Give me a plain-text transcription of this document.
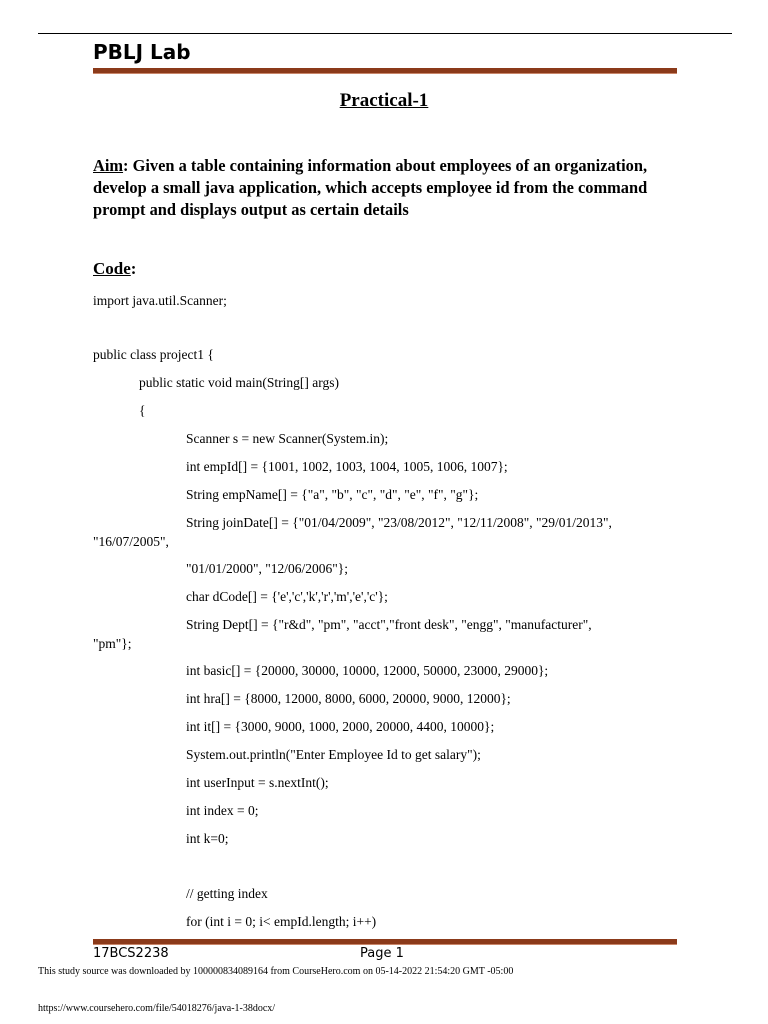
PBLJ Lab
Practical-1
Aim: Given a table containing information about employees of an organization, develop a small java application, which accepts employee id from the command prompt and displays output as certain details
Code:
import java.util.Scanner;
public class project1 {
public static void main(String[] args)
{
Scanner s = new Scanner(System.in);
int empId[] = {1001, 1002, 1003, 1004, 1005, 1006, 1007};
String empName[] = {"a", "b", "c", "d", "e", "f", "g"};
String joinDate[] = {"01/04/2009", "23/08/2012", "12/11/2008", "29/01/2013",
"16/07/2005",
"01/01/2000", "12/06/2006"};
char dCode[] = {'e','c','k','r','m','e','c'};
String Dept[] = {"r&d", "pm", "acct","front desk", "engg", "manufacturer",
"pm"};
int basic[] = {20000, 30000, 10000, 12000, 50000, 23000, 29000};
int hra[] = {8000, 12000, 8000, 6000, 20000, 9000, 12000};
int it[] = {3000, 9000, 1000, 2000, 20000, 4400, 10000};
System.out.println("Enter Employee Id to get salary");
int userInput = s.nextInt();
int index = 0;
int k=0;
// getting index
for (int i = 0; i< empId.length; i++)
17BCS2238	Page 1
This study source was downloaded by 100000834089164 from CourseHero.com on 05-14-2022 21:54:20 GMT -05:00
https://www.coursehero.com/file/54018276/java-1-38docx/
